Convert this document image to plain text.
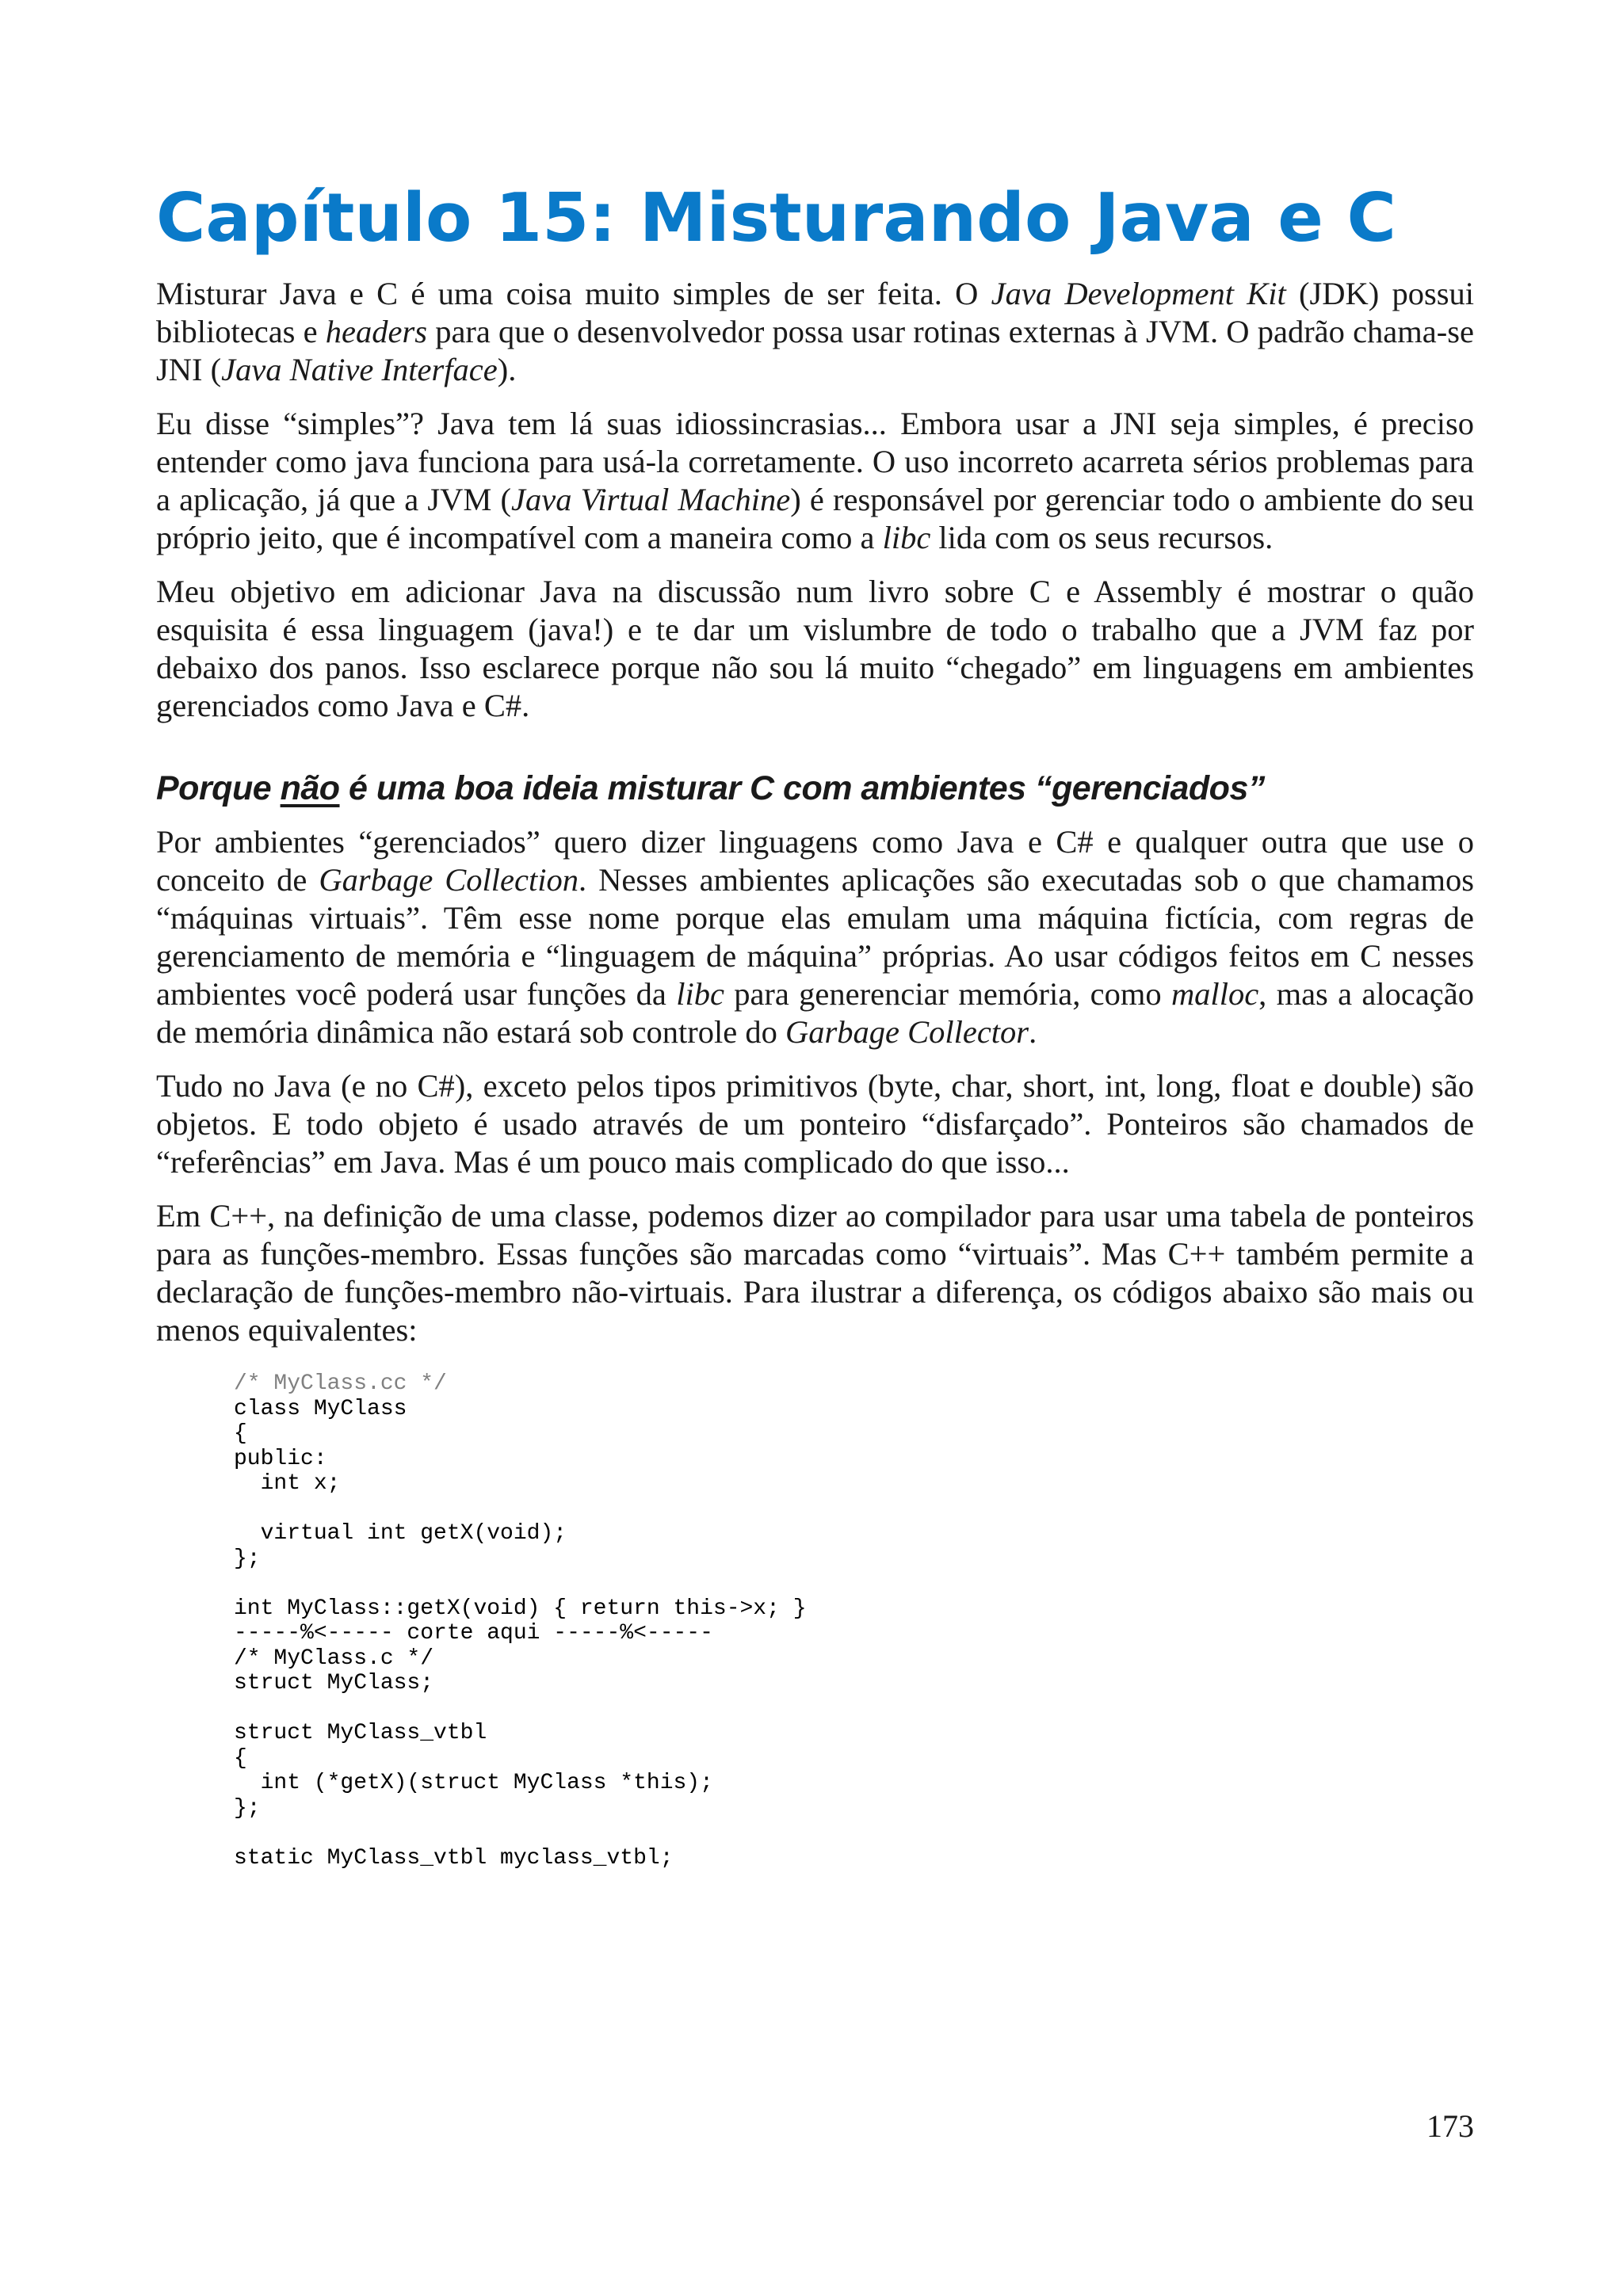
Capítulo 15: Misturando Java e C

Misturar Java e C é uma coisa muito simples de ser feita. O Java Development Kit (JDK) possui bibliotecas e headers para que o desenvolvedor possa usar rotinas externas à JVM. O padrão chama-se JNI (Java Native Interface).

Eu disse “simples”? Java tem lá suas idiossincrasias... Embora usar a JNI seja simples, é preciso entender como java funciona para usá-la corretamente. O uso incorreto acarreta sérios problemas para a aplicação, já que a JVM (Java Virtual Machine) é responsável por gerenciar todo o ambiente do seu próprio jeito, que é incompatível com a maneira como a libc lida com os seus recursos.

Meu objetivo em adicionar Java na discussão num livro sobre C e Assembly é mostrar o quão esquisita é essa linguagem (java!) e te dar um vislumbre de todo o trabalho que a JVM faz por debaixo dos panos. Isso esclarece porque não sou lá muito “chegado” em linguagens em ambientes gerenciados como Java e C#.

Porque não é uma boa ideia misturar C com ambientes “gerenciados”

Por ambientes “gerenciados” quero dizer linguagens como Java e C# e qualquer outra que use o conceito de Garbage Collection. Nesses ambientes aplicações são executadas sob o que chamamos “máquinas virtuais”. Têm esse nome porque elas emulam uma máquina fictícia, com regras de gerenciamento de memória e “linguagem de máquina” próprias. Ao usar códigos feitos em C nesses ambientes você poderá usar funções da libc para generenciar memória, como malloc, mas a alocação de memória dinâmica não estará sob controle do Garbage Collector.

Tudo no Java (e no C#), exceto pelos tipos primitivos (byte, char, short, int, long, float e double) são objetos. E todo objeto é usado através de um ponteiro “disfarçado”. Ponteiros são chamados de “referências” em Java. Mas é um pouco mais complicado do que isso...

Em C++, na definição de uma classe, podemos dizer ao compilador para usar uma tabela de ponteiros para as funções-membro. Essas funções são marcadas como “virtuais”. Mas C++ também permite a declaração de funções-membro não-virtuais. Para ilustrar a diferença, os códigos abaixo são mais ou menos equivalentes:

/* MyClass.cc */
class MyClass
{
public:
int x;

virtual int getX(void);
};

int MyClass::getX(void) { return this->x; }
-----%<----- corte aqui -----%<-----
/* MyClass.c */
struct MyClass;

struct MyClass_vtbl
{
int (*getX)(struct MyClass *this);
};

static MyClass_vtbl myclass_vtbl;
173
